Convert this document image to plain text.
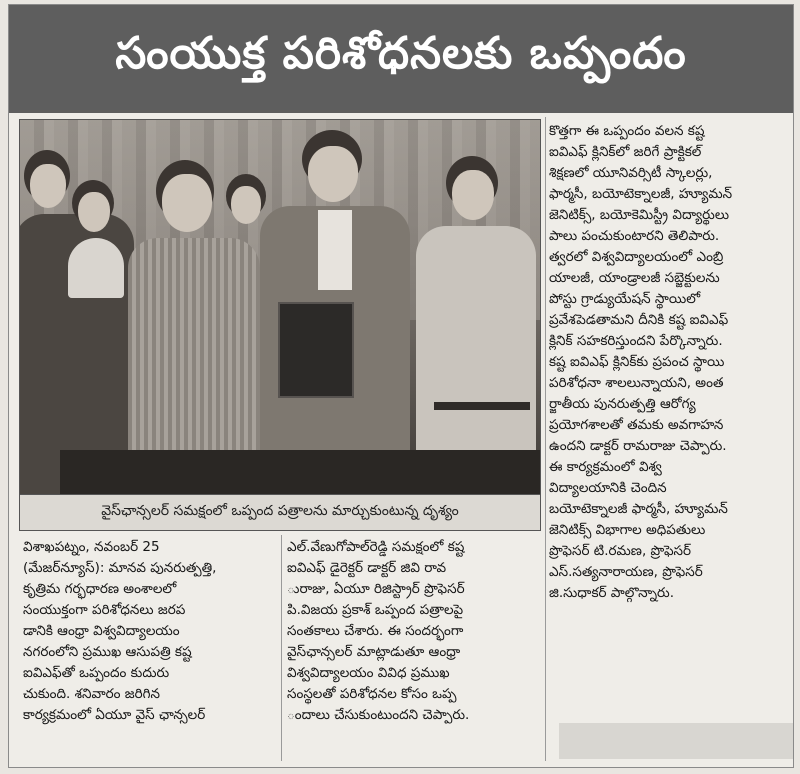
సంయుక్త పరిశోధనలకు ఒప్పందం

వైస్‌ఛాన్సలర్ సమక్షంలో ఒప్పంద పత్రాలను మార్చుకుంటున్న దృశ్యం

కొత్తగా ఈ ఒప్పందం వలన కష్ట
ఐవిఎఫ్ క్లినిక్‌లో జరిగే ప్రాక్టికల్
శిక్షణలో యూనివర్సిటీ స్కాలర్లు,
ఫార్మసీ, బయోటెక్నాలజీ, హ్యూమన్
జెనిటిక్స్, బయోకెమిస్ట్రీ విద్యార్థులు
పాలు పంచుకుంటారని తెలిపారు.
త్వరలో విశ్వవిద్యాలయంలో ఎంబ్రి
యాలజీ, యాండ్రాలజీ సబ్జెక్టులను
పోస్టు గ్రాడ్యుయేషన్ స్థాయిలో
ప్రవేశపెడతామని దీనికి కష్ట ఐవిఎఫ్
క్లినిక్ సహకరిస్తుందని పేర్కొన్నారు.
కష్ట ఐవిఎఫ్ క్లినిక్‌కు ప్రపంచ స్థాయి
పరిశోధనా శాలలున్నాయని, అంత
ర్జాతీయ పునరుత్పత్తి ఆరోగ్య
ప్రయోగశాలతో తమకు అవగాహన
ఉందని డాక్టర్ రామరాజు చెప్పారు.
ఈ కార్యక్రమంలో విశ్వ
విద్యాలయానికి చెందిన
బయోటెక్నాలజీ ఫార్మసీ, హ్యూమన్
జెనిటిక్స్ విభాగాల అధిపతులు
ప్రొఫెసర్ టి.రమణ, ప్రొఫెసర్
ఎస్.సత్యనారాయణ, ప్రొఫెసర్
జి.సుధాకర్ పాల్గొన్నారు.
విశాఖపట్నం, నవంబర్ 25
(మేజర్‌న్యూస్): మానవ పునరుత్పత్తి,
కృత్రిమ గర్భధారణ అంశాలలో
సంయుక్తంగా పరిశోధనలు జరప
డానికి ఆంధ్రా విశ్వవిద్యాలయం
నగరంలోని ప్రముఖ ఆసుపత్రి కష్ట
ఐవిఎఫ్‌తో ఒప్పందం కుదురు
చుకుంది. శనివారం జరిగిన
కార్యక్రమంలో ఏయూ వైస్ ఛాన్సలర్
ఎల్.వేణుగోపాల్‌రెడ్డి సమక్షంలో కష్ట
ఐవిఎఫ్ డైరెక్టర్ డాక్టర్ జివి రావ
ురాజు, ఏయూ రిజిస్ట్రార్ ప్రొఫెసర్
పి.విజయ ప్రకాశ్ ఒప్పంద పత్రాలపై
సంతకాలు చేశారు. ఈ సందర్భంగా
వైస్‌ఛాన్సలర్ మాట్లాడుతూ ఆంధ్రా
విశ్వవిద్యాలయం వివిధ ప్రముఖ
సంస్థలతో పరిశోధనల కోసం ఒప్ప
ందాలు చేసుకుంటుందని చెప్పారు.
